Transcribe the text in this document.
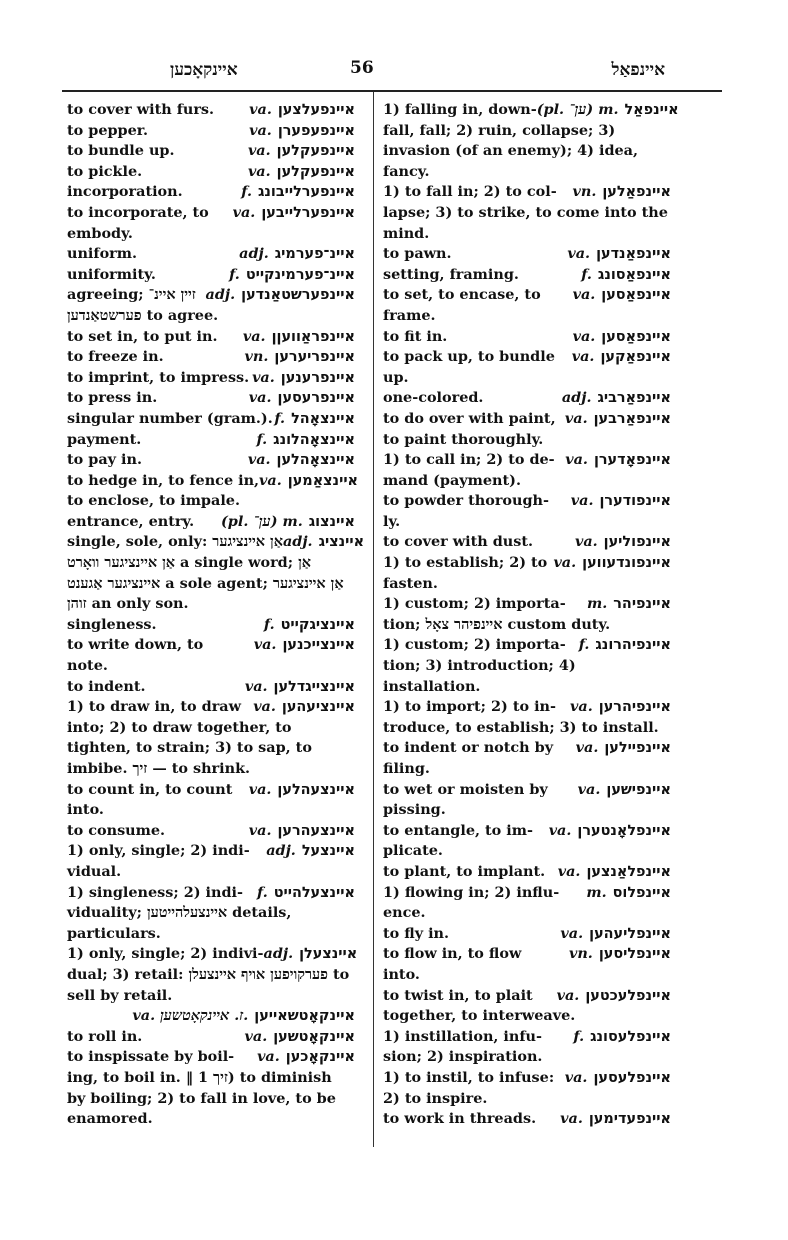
איינקאָכען	56	איינפאַל
to cover with furs. va. איינפעלצען
to pepper.	va. איינפעפערן
to bundle up.	va. איינפעקלען
to pickle.	va. איינפעקלען
incorporation.	f. איינפערלייבונג
to incorporate, to va. איינפערלייבען
embody.
uniform.	adj. איינ־פערמיג
uniformity.	f. איינ־פערמינקייט
agreeing; זיין איינ־ adj. איינפערשטאַנדען
פערשטאַנדען to agree.
to set in, to put in. va. איינפראַוועןן
to freeze in.	vn. איינפריערען
to imprint, to impress. va. איינפרענען
to press in.	va. איינפרעסען
singular number (gram.). f. איינצאָהל
payment.	f. איינצאָהלונג
to pay in.	va. איינצאָהלען
to hedge in, to fence in, va. איינצאַמען
to enclose, to impale.
entrance, entry. (pl. ען־) m. איינצוג
single, sole, only: אַן איינציגער adj. איינציג
אַן איינציגער וואָרט a single word; אַן איינציגער אַגענט a sole agent; אַן איינציגער זוהן an only son.
singleness.	f. איינציגקייט
to write down, to	va. איינצייכנען
note.
to indent.	va. איינצייגדלען
1) to draw in, to draw va. איינציעהען
into; 2) to draw together, to tighten, to strain; 3) to sap, to imbibe. זיך — to shrink.
to count in, to count va. איינצעהלען
into.
to consume.	va. איינצעהרען
1) only, single; 2) indi- adj. איינצעל
vidual.
1) singleness; 2) indi- f. איינצעלהייט
viduality; איינצעלהייטען details, particulars.
1) only, single; 2) indivi- adj. איינצעלן
dual; 3) retail: פערקויפען אויף איינצעלן to sell by retail.
va. ז. איינקאָטשען. איינקאָטשאייען
to roll in.	va. איינקאָטשען
to inspissate by boil- va. איינקאָכען
ing, to boil in. ‖ זיך 1) to diminish by boiling; 2) to fall in love, to be enamored.
1) falling in, down- (pl. ען־) m. איינפאַל
fall, fall; 2) ruin, collapse; 3) invasion (of an enemy); 4) idea, fancy.
1) to fall in; 2) to col- vn. איינפאַלען
lapse; 3) to strike, to come into the mind.
to pawn.	va. איינפאַנדען
setting, framing.	f. איינפאַסונג
to set, to encase, to va. איינפאַסען
frame.
to fit in.	va. איינפאַסען
to pack up, to bundle va. איינפאַקען
up.
one-colored.	adj. איינפאַרביג
to do over with paint, va. איינפאַרבען
to paint thoroughly.
1) to call in; 2) to de- va. איינפאָדערן
mand (payment).
to powder thorough- va. איינפודערן
ly.
to cover with dust.	va. איינפוליען
1) to establish; 2) to va. איינפונדעווען
fasten.
1) custom; 2) importa- m. איינפיהר
tion; איינפיהר צאָל custom duty.
1) custom; 2) importa- f. איינפיהרונג
tion; 3) introduction; 4) installation.
1) to import; 2) to in- va. איינפיהרען
troduce, to establish; 3) to install.
to indent or notch by va. איינפיילען
filing.
to wet or moisten by va. איינפישען
pissing.
to entangle, to im- va. איינפלאָנטערן
plicate.
to plant, to implant. va. איינפלאַנצען
1) flowing in; 2) influ- m. איינפלוס
ence.
to fly in.	va. איינפליעהען
to flow in, to flow	vn. איינפליסען
into.
to twist in, to plait va. איינפלעכטען
together, to interweave.
1) instillation, infu- f. איינפלעסונג
sion; 2) inspiration.
1) to instil, to infuse: va. איינפלעסען
2) to inspire.
to work in threads. va. איינפעדימען
